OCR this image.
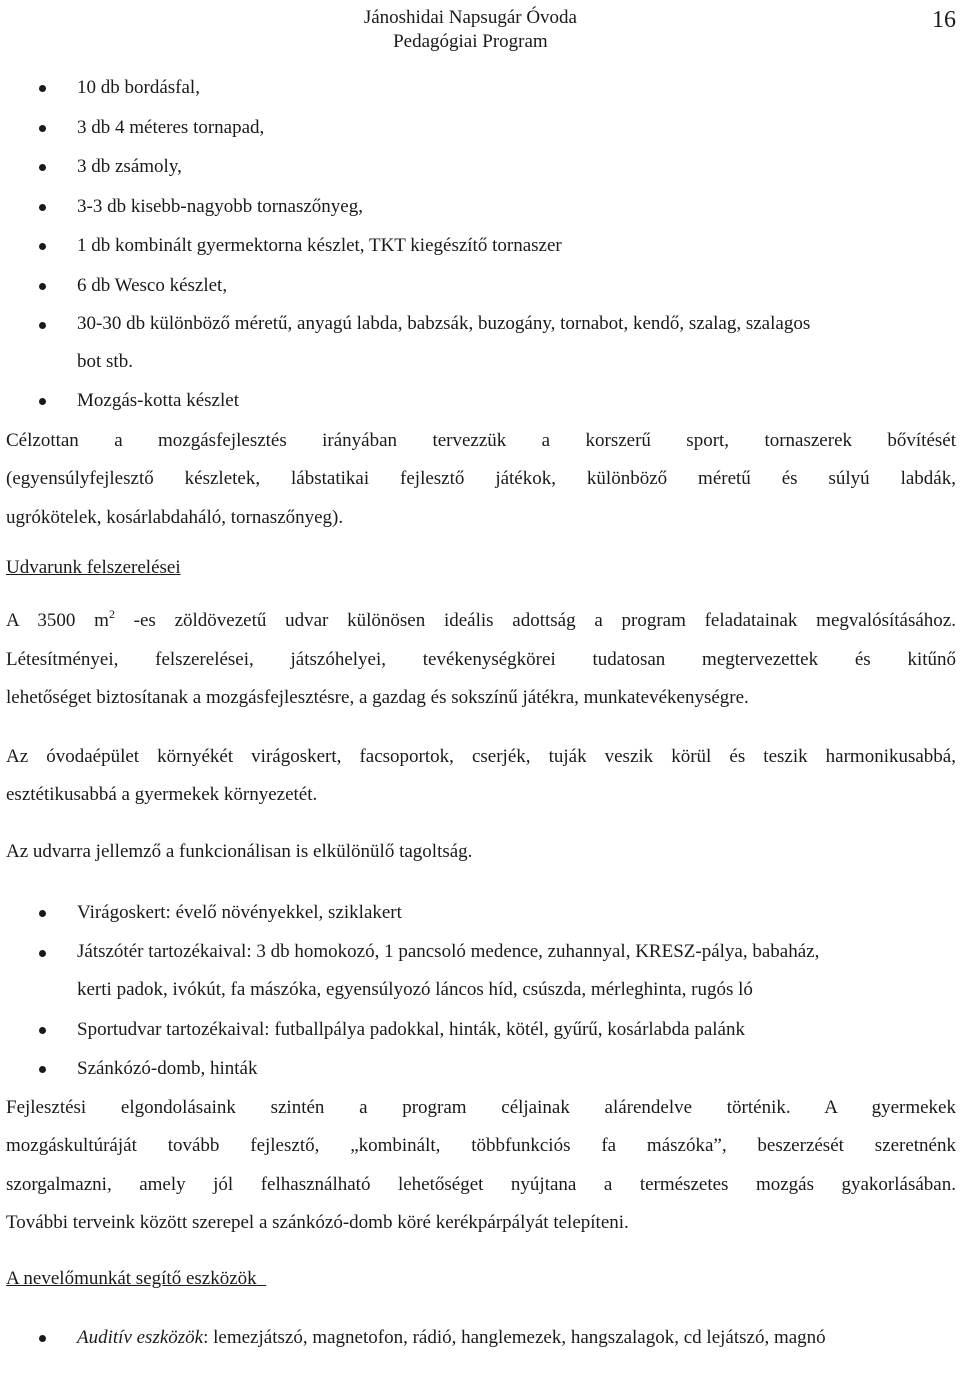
Jánoshidai Napsugár Óvoda
Pedagógiai Program
16
10 db bordásfal,
3 db 4 méteres tornapad,
3 db zsámoly,
3-3 db kisebb-nagyobb tornaszőnyeg,
1 db kombinált gyermektorna készlet, TKT kiegészítő tornaszer
6 db Wesco készlet,
30-30 db különböző méretű, anyagú labda, babzsák, buzogány, tornabot, kendő, szalag, szalagos
bot stb.
Mozgás-kotta készlet

Célzottan a mozgásfejlesztés irányában tervezzük a korszerű sport, tornaszerek bővítését
(egyensúlyfejlesztő készletek, lábstatikai fejlesztő játékok, különböző méretű és súlyú labdák,
ugrókötelek, kosárlabdaháló, tornaszőnyeg).

Udvarunk felszerelései

A 3500 $m^2$ -es zöldövezetű udvar különösen ideális adottság a program feladatainak megvalósításához.
Létesítményei, felszerelései, játszóhelyei, tevékenységkörei tudatosan megtervezettek és kitűnő
lehetőséget biztosítanak a mozgásfejlesztésre, a gazdag és sokszínű játékra, munkatevékenységre.

Az óvodaépület környékét virágoskert, facsoportok, cserjék, tuják veszik körül és teszik harmonikusabbá,
esztétikusabbá a gyermekek környezetét.

Az udvarra jellemző a funkcionálisan is elkülönülő tagoltság.

Virágoskert: évelő növényekkel, sziklakert
Játszótér tartozékaival: 3 db homokozó, 1 pancsoló medence, zuhannyal, KRESZ-pálya, babaház,
kerti padok, ivókút, fa mászóka, egyensúlyozó láncos híd, csúszda, mérleghinta, rugós ló
Sportudvar tartozékaival: futballpálya padokkal, hinták, kötél, gyűrű, kosárlabda palánk
Szánkózó-domb, hinták

Fejlesztési elgondolásaink szintén a program céljainak alárendelve történik. A gyermekek
mozgáskultúráját tovább fejlesztő, „kombinált, többfunkciós fa mászóka”, beszerzését szeretnénk
szorgalmazni, amely jól felhasználható lehetőséget nyújtana a természetes mozgás gyakorlásában.
További terveink között szerepel a szánkózó-domb köré kerékpárpályát telepíteni.

A nevelőmunkát segítő eszközök

Auditív eszközök: lemezjátszó, magnetofon, rádió, hanglemezek, hangszalagok, cd lejátszó, magnó
